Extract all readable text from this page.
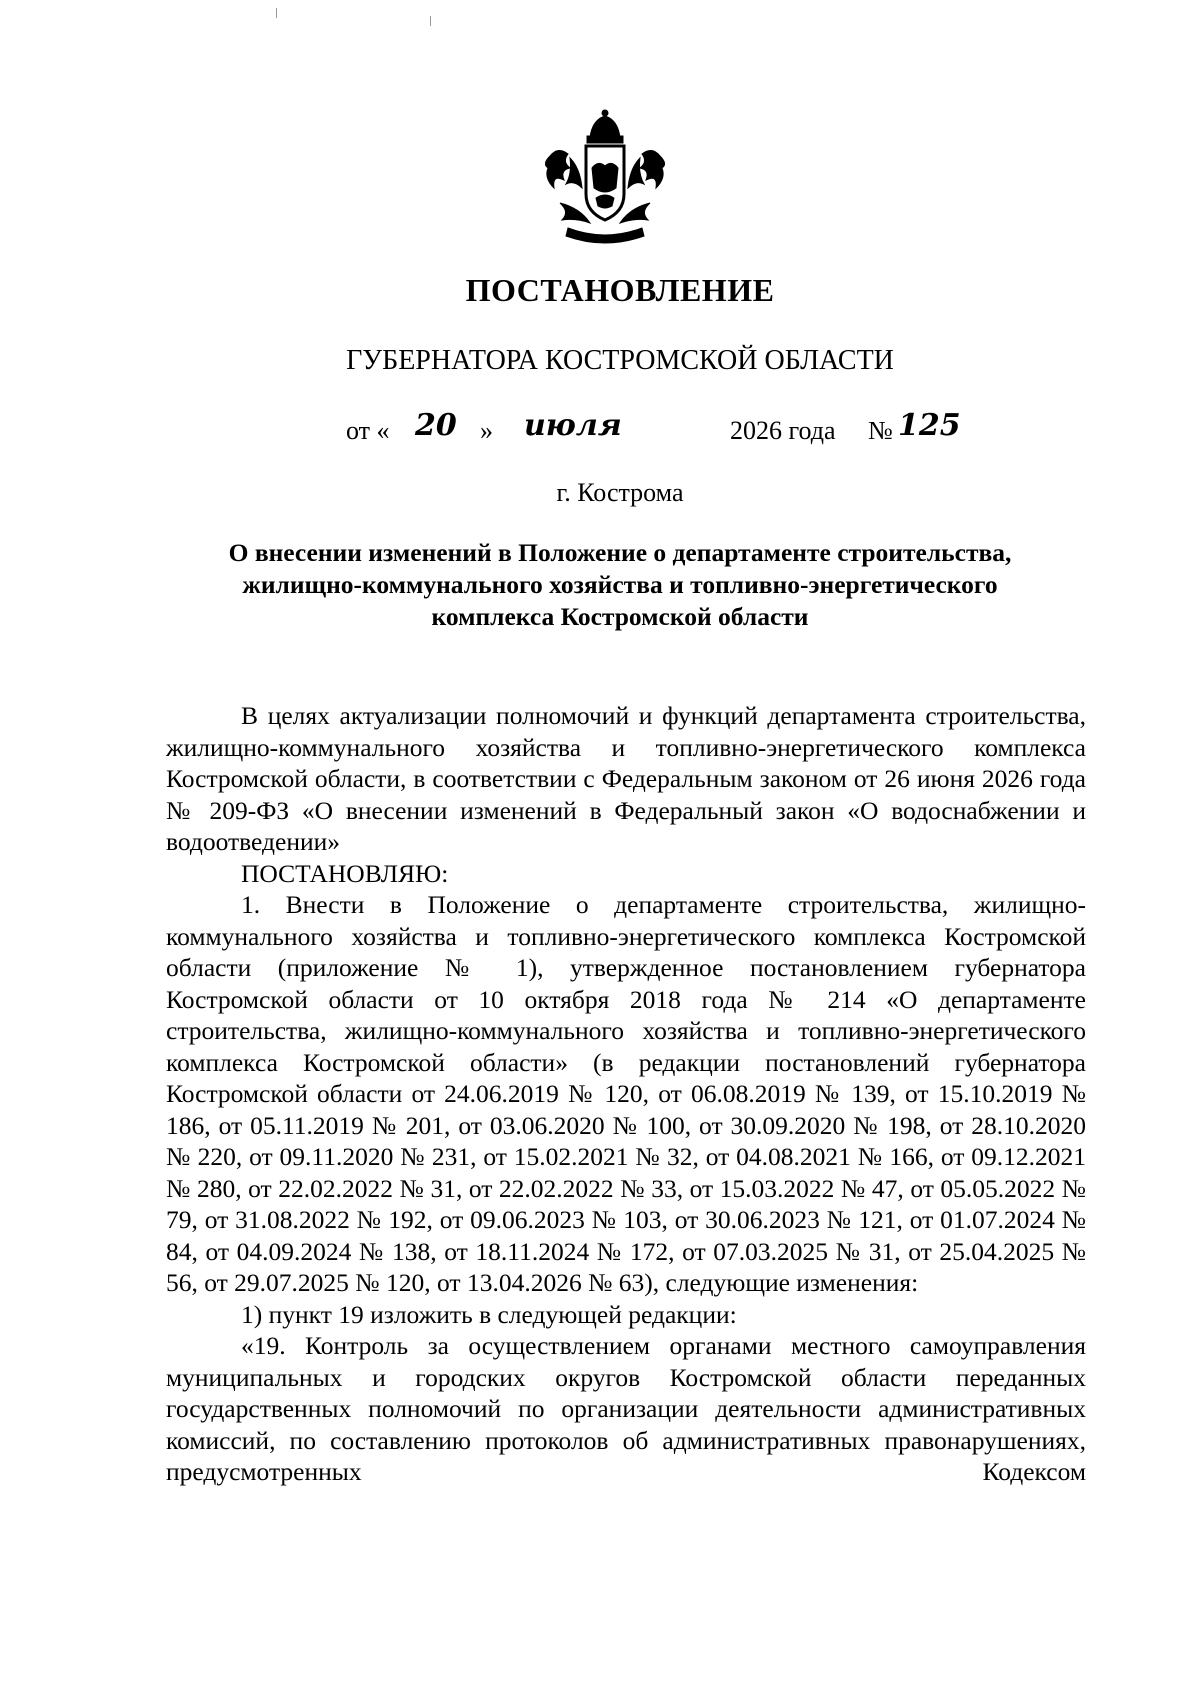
ПОСТАНОВЛЕНИЕ
ГУБЕРНАТОРА КОСТРОМСКОЙ ОБЛАСТИ
от « 20 » июля	2026 года № 125
г. Кострома
О внесении изменений в Положение о департаменте строительства,
жилищно-коммунального хозяйства и топливно-энергетического
комплекса Костромской области

В целях актуализации полномочий и функций департамента строительства, жилищно-коммунального хозяйства и топливно-энергетического комплекса Костромской области, в соответствии с Федеральным законом от 26 июня 2026 года № 209-ФЗ «О внесении изменений в Федеральный закон «О водоснабжении и водоотведении»

ПОСТАНОВЛЯЮ:

1. Внести в Положение о департаменте строительства, жилищно-коммунального хозяйства и топливно-энергетического комплекса Костромской области (приложение № 1), утвержденное постановлением губернатора Костромской области от 10 октября 2018 года № 214 «О департаменте строительства, жилищно-коммунального хозяйства и топливно-энергетического комплекса Костромской области» (в редакции постановлений губернатора Костромской области от 24.06.2019 № 120, от 06.08.2019 № 139, от 15.10.2019 № 186, от 05.11.2019 № 201, от 03.06.2020 № 100, от 30.09.2020 № 198, от 28.10.2020 № 220, от 09.11.2020 № 231, от 15.02.2021 № 32, от 04.08.2021 № 166, от 09.12.2021 № 280, от 22.02.2022 № 31, от 22.02.2022 № 33, от 15.03.2022 № 47, от 05.05.2022 № 79, от 31.08.2022 № 192, от 09.06.2023 № 103, от 30.06.2023 № 121, от 01.07.2024 № 84, от 04.09.2024 № 138, от 18.11.2024 № 172, от 07.03.2025 № 31, от 25.04.2025 № 56, от 29.07.2025 № 120, от 13.04.2026 № 63), следующие изменения:

1) пункт 19 изложить в следующей редакции:

«19. Контроль за осуществлением органами местного самоуправления муниципальных и городских округов Костромской области переданных государственных полномочий по организации деятельности административных комиссий, по составлению протоколов об административных правонарушениях, предусмотренных Кодексом
